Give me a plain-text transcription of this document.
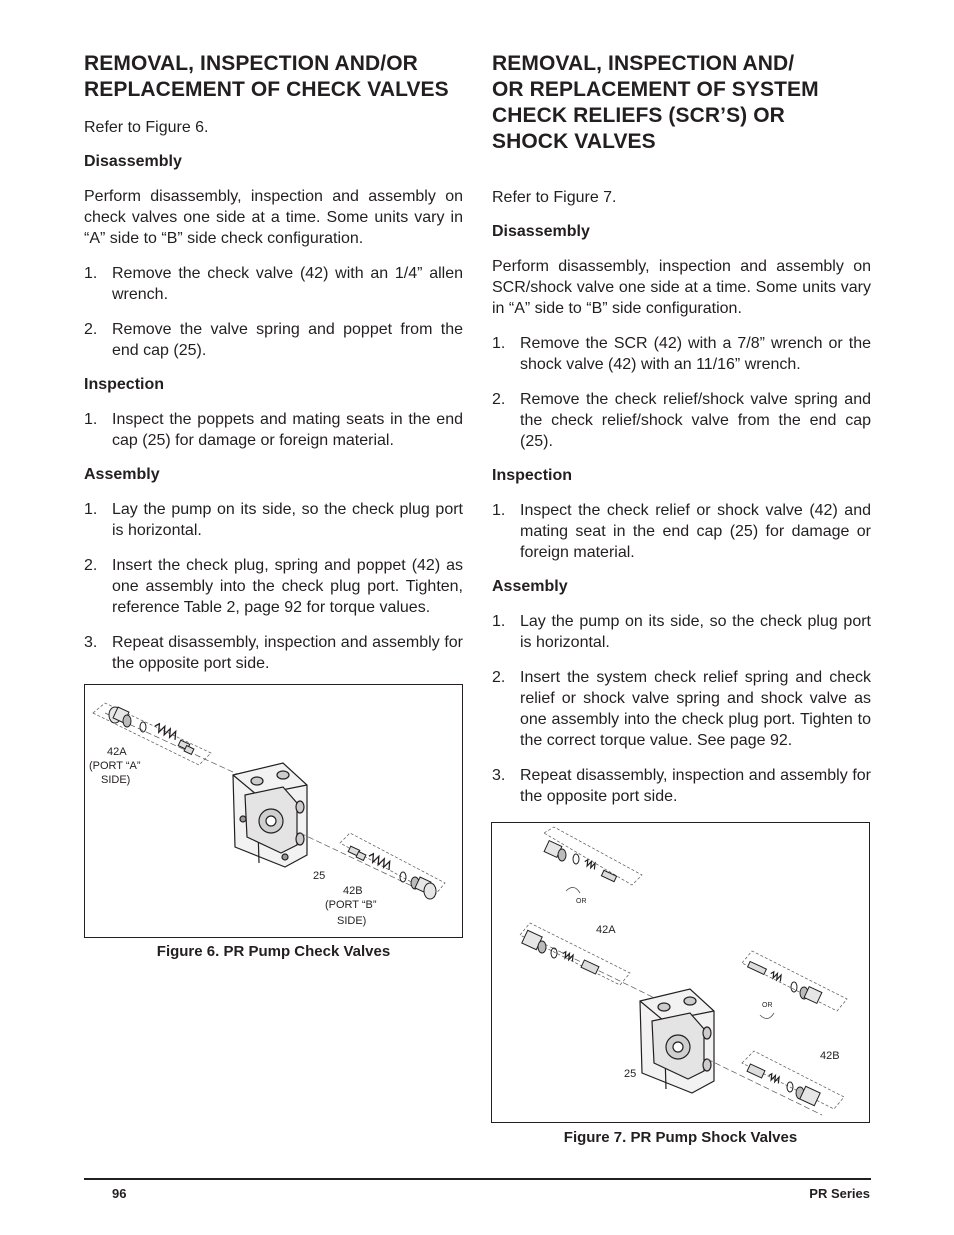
REMOVAL, INSPECTION AND/OR REPLACEMENT OF CHECK VALVES

Refer to Figure 6.

Disassembly

Perform disassembly, inspection and assembly on check valves one side at a time. Some units vary in “A” side to “B” side check configuration.

1. Remove the check valve (42) with an 1/4” allen wrench.
2. Remove the valve spring and poppet from the end cap (25).
Inspection
1. Inspect the poppets and mating seats in the end cap (25) for damage or foreign material.
Assembly
1. Lay the pump on its side, so the check plug port is horizontal.
2. Insert the check plug, spring and poppet (42) as one assembly into the check plug port. Tighten, reference Table 2, page 92 for torque values.
3. Repeat disassembly, inspection and assembly for the opposite port side.
REMOVAL, INSPECTION AND/
OR REPLACEMENT OF SYSTEM
CHECK RELIEFS (SCR’S) OR
SHOCK VALVES

Refer to Figure 7.

Disassembly

Perform disassembly, inspection and assembly on SCR/shock valve one side at a time. Some units vary in “A” side to “B” side configuration.

1. Remove the SCR (42) with a 7/8” wrench or the shock valve (42) with an 11/16” wrench.
2. Remove the check relief/shock valve spring and the check relief/shock valve from the end cap (25).
Inspection
1. Inspect the check relief or shock valve (42) and mating seat in the end cap (25) for damage or foreign material.
Assembly
1. Lay the pump on its side, so the check plug port is horizontal.
2. Insert the system check relief spring and check relief or shock valve spring and shock valve as one assembly into the check plug port. Tighten to the correct torque value. See page 92.
3. Repeat disassembly, inspection and assembly for the opposite port side.
42A
(PORT “A”
SIDE)
25
42B
(PORT “B”
SIDE)
Figure 6. PR Pump Check Valves
OR
42A
25
OR
42B
Figure 7. PR Pump Shock Valves
96	PR Series
